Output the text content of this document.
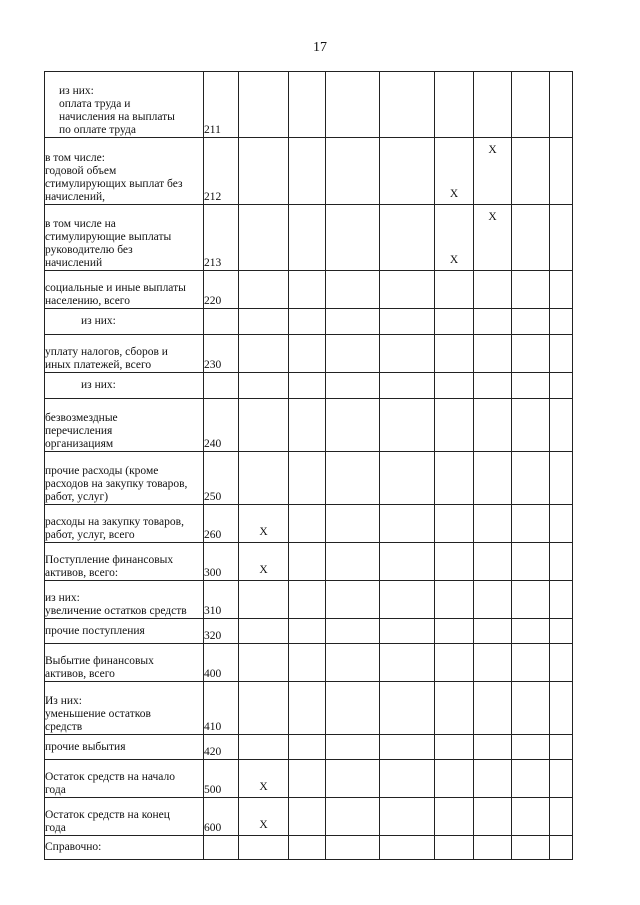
17
из них:
оплата труда и
начисления на выплаты
по оплате труда	211								
в том числе:
годовой объем
стимулирующих выплат без
начислений,	212					X	X		
в том числе на
стимулирующие выплаты
руководителю без
начислений	213					X	X		
социальные и иные выплаты
населению, всего	220								
из них:									
уплату налогов, сборов и
иных платежей, всего	230								
из них:									
безвозмездные
перечисления
организациям	240								
прочие расходы (кроме
расходов на закупку товаров,
работ, услуг)	250								
расходы на закупку товаров,
работ, услуг, всего	260	X							
Поступление финансовых
активов, всего:	300	X							
из них:
увеличение остатков средств	310								
прочие поступления	320								
Выбытие финансовых
активов, всего	400								
Из них:
уменьшение остатков
средств	410								
прочие выбытия	420								
Остаток средств на начало
года	500	X							
Остаток средств на конец
года	600	X							
Справочно:									
